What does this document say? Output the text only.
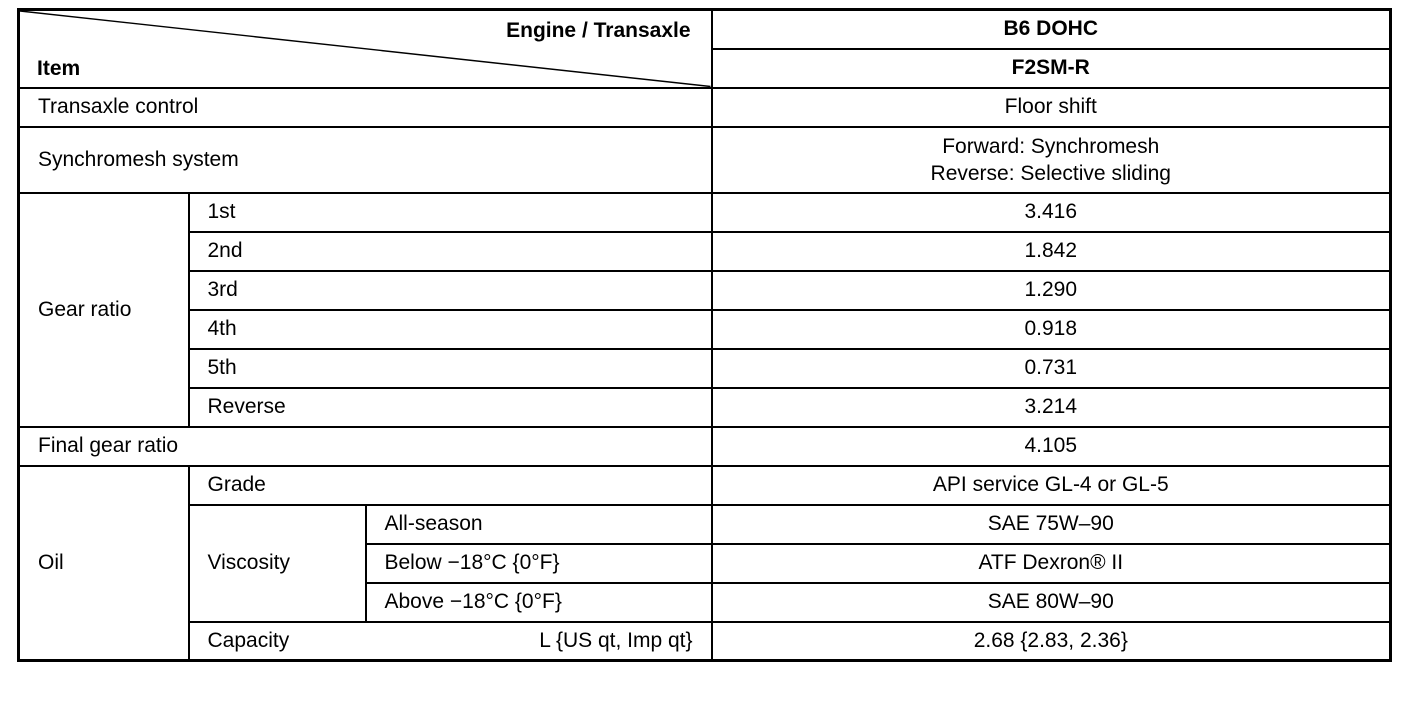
Engine / Transaxle
Item			B6 DOHC
			F2SM-R
Transaxle control			Floor shift
Synchromesh system			Forward: Synchromesh
Reverse: Selective sliding

Gear ratio	1st		3.416
	2nd		1.842
	3rd		1.290
	4th		0.918
	5th		0.731
	Reverse		3.214
Final gear ratio			4.105
Oil	Grade		API service GL-4 or GL-5
	Viscosity	All-season	SAE 75W–90
		Below −18°C {0°F}	ATF Dexron® II
		Above −18°C {0°F}	SAE 80W–90

	Capacity L {US qt, Imp qt}		2.68 {2.83, 2.36}
